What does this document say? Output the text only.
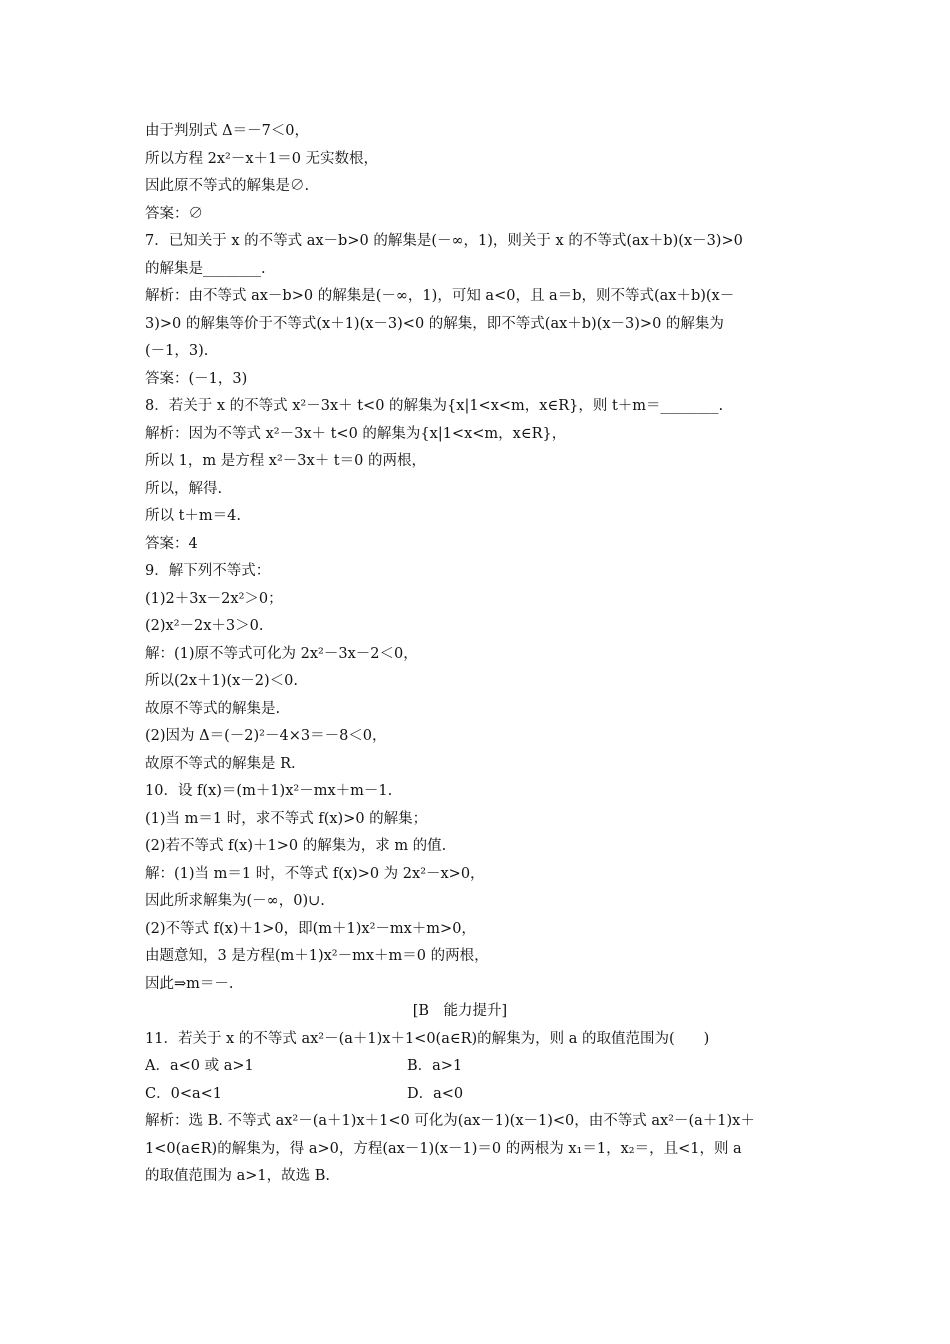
由于判别式 Δ＝－7＜0，
所以方程 2x²－x＋1＝0 无实数根，
因此原不等式的解集是∅.
答案：∅
7．已知关于 x 的不等式 ax－b>0 的解集是(－∞，1)，则关于 x 的不等式(ax＋b)(x－3)>0
的解集是________.
解析：由不等式 ax－b>0 的解集是(－∞，1)，可知 a<0，且 a＝b，则不等式(ax＋b)(x－
3)>0 的解集等价于不等式(x＋1)(x－3)<0 的解集，即不等式(ax＋b)(x－3)>0 的解集为
(－1，3).
答案：(－1，3)
8．若关于 x 的不等式 x²－3x＋ t<0 的解集为{x|1<x<m，x∈R}，则 t＋m＝________.
解析：因为不等式 x²－3x＋ t<0 的解集为{x|1<x<m，x∈R}，
所以 1，m 是方程 x²－3x＋ t＝0 的两根，
所以，解得.
所以 t＋m＝4.
答案：4
9．解下列不等式：
(1)2＋3x－2x²＞0；
(2)x²－2x＋3＞0.
解：(1)原不等式可化为 2x²－3x－2＜0，
所以(2x＋1)(x－2)＜0.
故原不等式的解集是.
(2)因为 Δ＝(－2)²－4×3＝－8＜0，
故原不等式的解集是 R.
10．设 f(x)＝(m＋1)x²－mx＋m－1.
(1)当 m＝1 时，求不等式 f(x)>0 的解集；
(2)若不等式 f(x)＋1>0 的解集为，求 m 的值.
解：(1)当 m＝1 时，不等式 f(x)>0 为 2x²－x>0，
因此所求解集为(－∞，0)∪.
(2)不等式 f(x)＋1>0，即(m＋1)x²－mx＋m>0，
由题意知，3 是方程(m＋1)x²－mx＋m＝0 的两根，
因此⇒m＝－.
[B　能力提升]
11．若关于 x 的不等式 ax²－(a＋1)x＋1<0(a∈R)的解集为，则 a 的取值范围为(　　)
A．a<0 或 a>1	B．a>1
C．0<a<1	D．a<0
解析：选 B. 不等式 ax²－(a＋1)x＋1<0 可化为(ax－1)(x－1)<0，由不等式 ax²－(a＋1)x＋
1<0(a∈R)的解集为，得 a>0，方程(ax－1)(x－1)＝0 的两根为 x₁＝1，x₂＝，且<1，则 a
的取值范围为 a>1，故选 B.
